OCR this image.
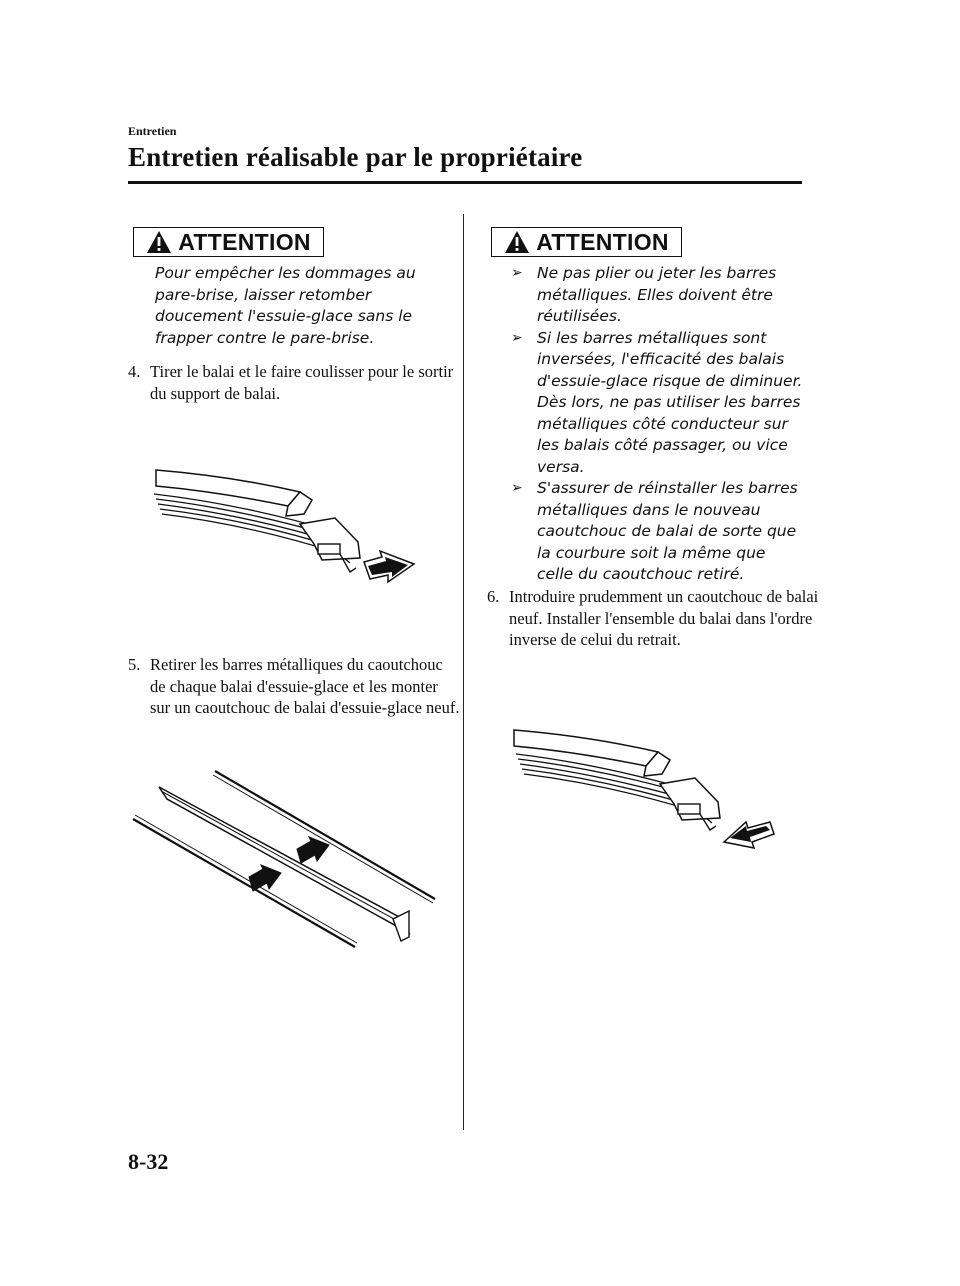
Entretien
Entretien réalisable par le propriétaire
ATTENTION

Pour empêcher les dommages au pare-brise, laisser retomber doucement l'essuie-glace sans le frapper contre le pare-brise.

4. Tirer le balai et le faire coulisser pour le sortir du support de balai.

5. Retirer les barres métalliques du caoutchouc de chaque balai d'essuie-glace et les monter sur un caoutchouc de balai d'essuie-glace neuf.

ATTENTION
➢ Ne pas plier ou jeter les barres métalliques. Elles doivent être réutilisées.
➢ Si les barres métalliques sont inversées, l'efficacité des balais d'essuie-glace risque de diminuer. Dès lors, ne pas utiliser les barres métalliques côté conducteur sur les balais côté passager, ou vice versa.
➢ S'assurer de réinstaller les barres métalliques dans le nouveau caoutchouc de balai de sorte que la courbure soit la même que celle du caoutchouc retiré.

6. Introduire prudemment un caoutchouc de balai neuf. Installer l'ensemble du balai dans l'ordre inverse de celui du retrait.

8-32
